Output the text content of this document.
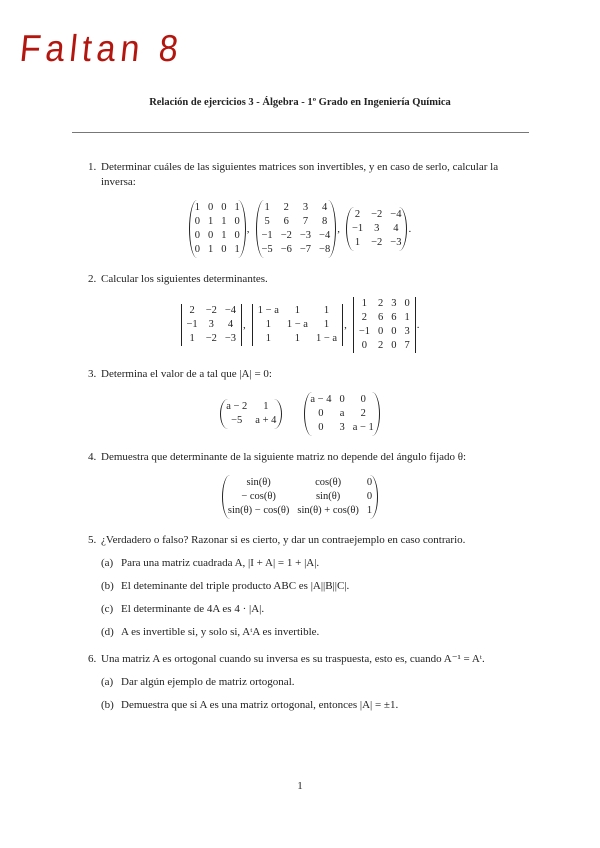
Faltan 8
Relación de ejercicios 3 - Álgebra - 1º Grado en Ingeniería Química
1. Determinar cuáles de las siguientes matrices son invertibles, y en caso de serlo, calcular la inversa:
1	0	0	1
0	1	1	0
0	0	1	0
0	1	0	1
,
1	2	3	4
5	6	7	8
−1	−2	−3	−4
−5	−6	−7	−8
,
2	−2	−4
−1	3	4
1	−2	−3
.
2. Calcular los siguientes determinantes.
2	−2	−4
−1	3	4
1	−2	−3
,
1 − a	1	1
1	1 − a	1
1	1	1 − a
,
1	2	3	0
2	6	6	1
−1	0	0	3
0	2	0	7
.
3. Determina el valor de a tal que |A| = 0:
a − 2	1
−5	a + 4
a − 4	0	0
0	a	2
0	3	a − 1
4. Demuestra que determinante de la siguiente matriz no depende del ángulo fijado θ:
sin(θ)	cos(θ)	0
− cos(θ)	sin(θ)	0
sin(θ) − cos(θ)	sin(θ) + cos(θ)	1
5. ¿Verdadero o falso? Razonar si es cierto, y dar un contraejemplo en caso contrario.
(a) Para una matriz cuadrada A, |I + A| = 1 + |A|.
(b) El deteminante del triple producto ABC es |A||B||C|.
(c) El determinante de 4A es 4 · |A|.
(d) A es invertible si, y solo si, AᵗA es invertible.
6. Una matriz A es ortogonal cuando su inversa es su traspuesta, esto es, cuando A⁻¹ = Aᵗ.
(a) Dar algún ejemplo de matriz ortogonal.
(b) Demuestra que si A es una matriz ortogonal, entonces |A| = ±1.
1
